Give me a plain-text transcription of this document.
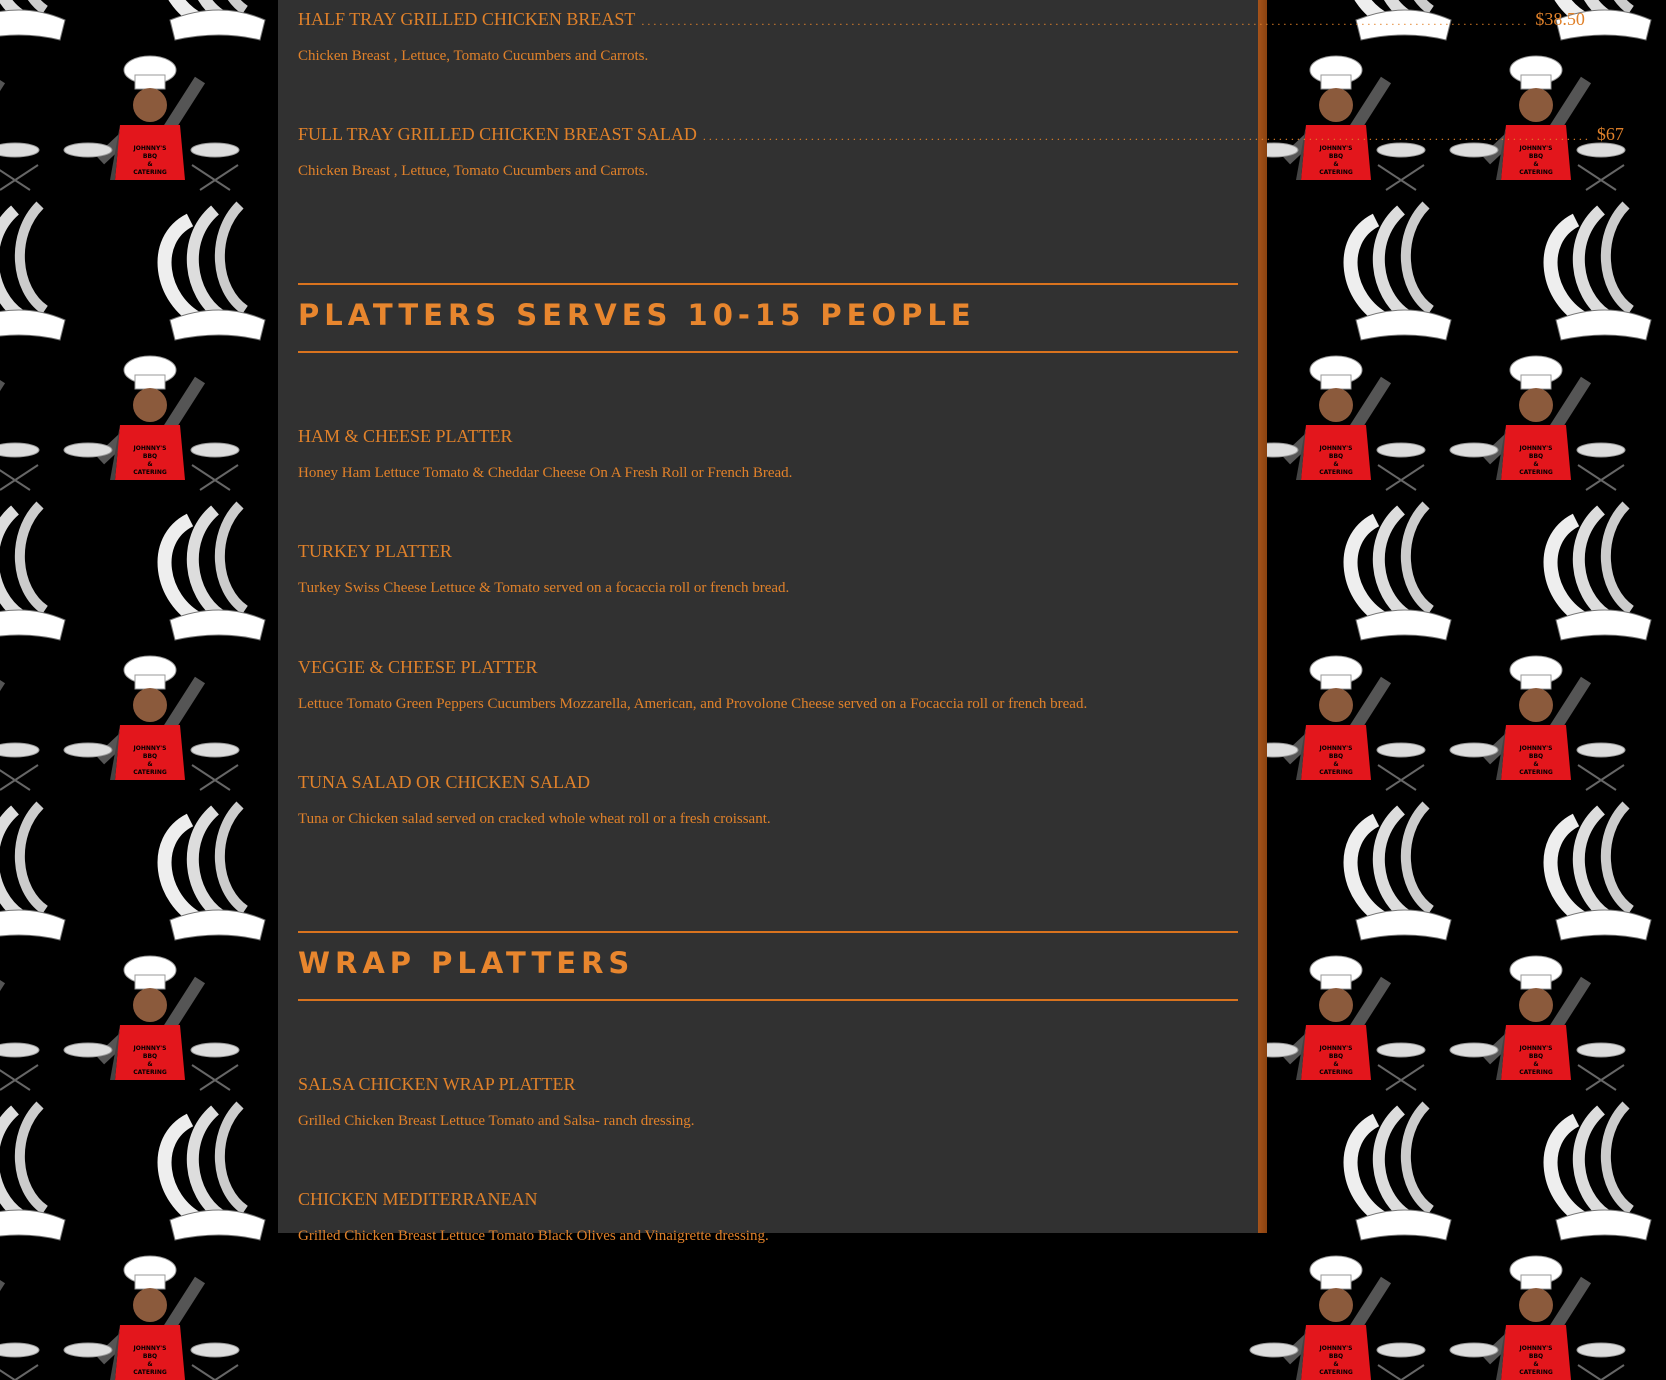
JOHNNY'S
BBQ
&
CATERING
JOHNNY'S
BBQ
&
CATERING
JOHNNY'S
BBQ
&
CATERING
JOHNNY'S
BBQ
&
CATERING
JOHNNY'S
BBQ
&
CATERING
JOHNNY'S
BBQ
&
CATERING
JOHNNY'S
BBQ
&
CATERING
JOHNNY'S
BBQ
&
CATERING
JOHNNY'S
BBQ
&
CATERING
JOHNNY'S
BBQ
&
CATERING
JOHNNY'S
BBQ
&
CATERING
JOHNNY'S
BBQ
&
CATERING
JOHNNY'S
BBQ
&
CATERING
JOHNNY'S
BBQ
&
CATERING
JOHNNY'S
BBQ
&
CATERING
HALF TRAY GRILLED CHICKEN BREAST .................................................................................................................................................... $38.50
Chicken Breast , Lettuce, Tomato Cucumbers and Carrots.
FULL TRAY GRILLED CHICKEN BREAST SALAD .................................................................................................................................................... $67
Chicken Breast , Lettuce, Tomato Cucumbers and Carrots.
PLATTERS SERVES 10-15 PEOPLE
HAM & CHEESE PLATTER
Honey Ham Lettuce Tomato & Cheddar Cheese On A Fresh Roll or French Bread.
TURKEY PLATTER
Turkey Swiss Cheese Lettuce & Tomato served on a focaccia roll or french bread.
VEGGIE & CHEESE PLATTER
Lettuce Tomato Green Peppers Cucumbers Mozzarella, American, and Provolone Cheese served on a Focaccia roll or french bread.
TUNA SALAD OR CHICKEN SALAD
Tuna or Chicken salad served on cracked whole wheat roll or a fresh croissant.
WRAP PLATTERS
SALSA CHICKEN WRAP PLATTER
Grilled Chicken Breast Lettuce Tomato and Salsa- ranch dressing.
CHICKEN MEDITERRANEAN
Grilled Chicken Breast Lettuce Tomato Black Olives and Vinaigrette dressing.
